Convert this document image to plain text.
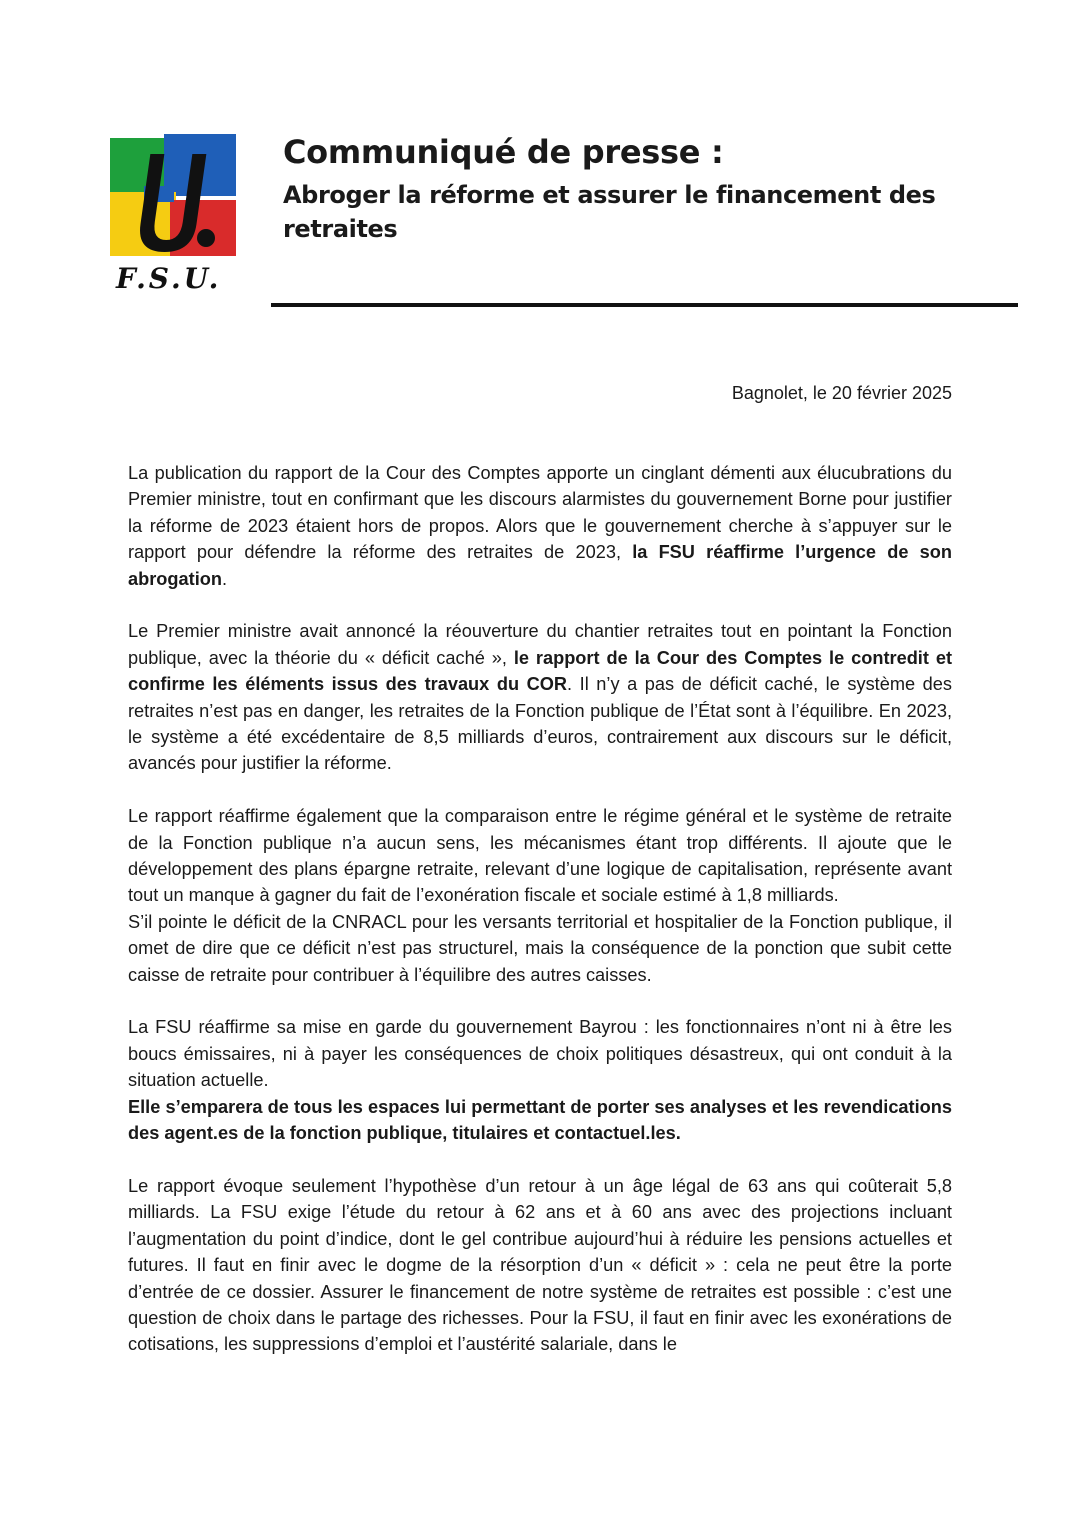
F.S.U.
Communiqué de presse :
Abroger la réforme et assurer le financement des retraites
Bagnolet, le 20 février 2025

La publication du rapport de la Cour des Comptes apporte un cinglant démenti aux élucubrations du Premier ministre, tout en confirmant que les discours alarmistes du gouvernement Borne pour justifier la réforme de 2023 étaient hors de propos. Alors que le gouvernement cherche à s’appuyer sur le rapport pour défendre la réforme des retraites de 2023, la FSU réaffirme l’urgence de son abrogation.

Le Premier ministre avait annoncé la réouverture du chantier retraites tout en pointant la Fonction publique, avec la théorie du « déficit caché », le rapport de la Cour des Comptes le contredit et confirme les éléments issus des travaux du COR. Il n’y a pas de déficit caché, le système des retraites n’est pas en danger, les retraites de la Fonction publique de l’État sont à l’équilibre. En 2023, le système a été excédentaire de 8,5 milliards d’euros, contrairement aux discours sur le déficit, avancés pour justifier la réforme.

Le rapport réaffirme également que la comparaison entre le régime général et le système de retraite de la Fonction publique n’a aucun sens, les mécanismes étant trop différents. Il ajoute que le développement des plans épargne retraite, relevant d’une logique de capitalisation, représente avant tout un manque à gagner du fait de l’exonération fiscale et sociale estimé à 1,8 milliards.

S’il pointe le déficit de la CNRACL pour les versants territorial et hospitalier de la Fonction publique, il omet de dire que ce déficit n’est pas structurel, mais la conséquence de la ponction que subit cette caisse de retraite pour contribuer à l’équilibre des autres caisses.

La FSU réaffirme sa mise en garde du gouvernement Bayrou : les fonctionnaires n’ont ni à être les boucs émissaires, ni à payer les conséquences de choix politiques désastreux, qui ont conduit à la situation actuelle.

Elle s’emparera de tous les espaces lui permettant de porter ses analyses et les revendications des agent.es de la fonction publique, titulaires et contactuel.les.

Le rapport évoque seulement l’hypothèse d’un retour à un âge légal de 63 ans qui coûterait 5,8 milliards. La FSU exige l’étude du retour à 62 ans et à 60 ans avec des projections incluant l’augmentation du point d’indice, dont le gel contribue aujourd’hui à réduire les pensions actuelles et futures. Il faut en finir avec le dogme de la résorption d’un « déficit » : cela ne peut être la porte d’entrée de ce dossier. Assurer le financement de notre système de retraites est possible : c’est une question de choix dans le partage des richesses. Pour la FSU, il faut en finir avec les exonérations de cotisations, les suppressions d’emploi et l’austérité salariale, dans le
